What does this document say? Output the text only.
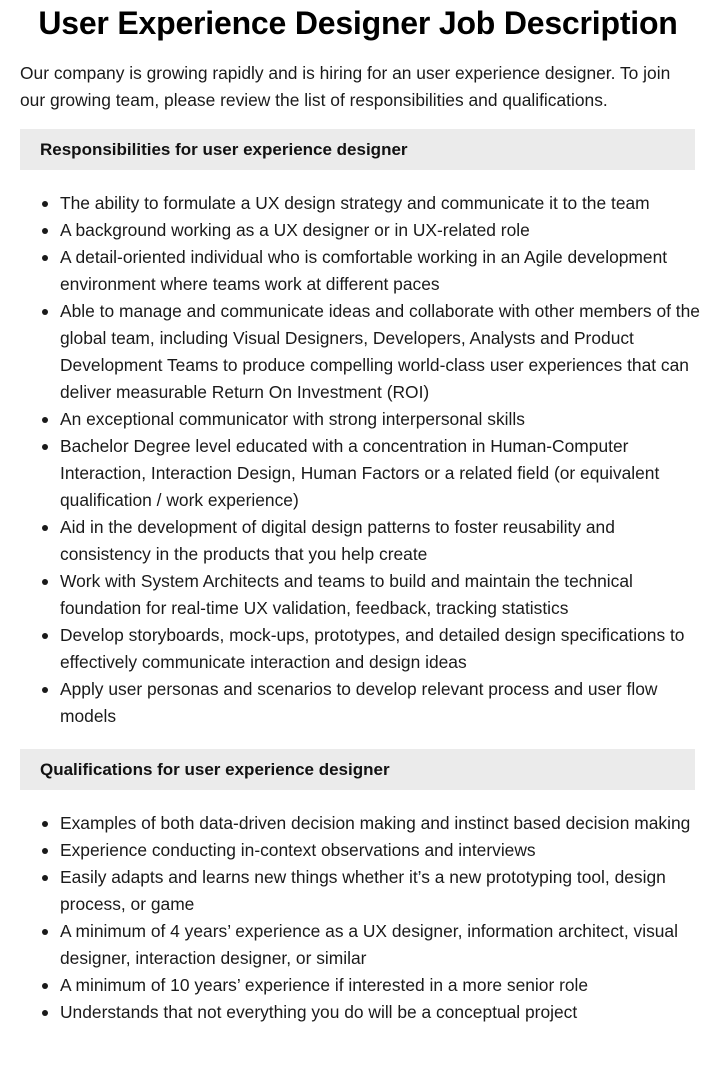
User Experience Designer Job Description

Our company is growing rapidly and is hiring for an user experience designer. To join our growing team, please review the list of responsibilities and qualifications.

Responsibilities for user experience designer
The ability to formulate a UX design strategy and communicate it to the team
A background working as a UX designer or in UX-related role
A detail-oriented individual who is comfortable working in an Agile development environment where teams work at different paces
Able to manage and communicate ideas and collaborate with other members of the global team, including Visual Designers, Developers, Analysts and Product Development Teams to produce compelling world-class user experiences that can deliver measurable Return On Investment (ROI)
An exceptional communicator with strong interpersonal skills
Bachelor Degree level educated with a concentration in Human-Computer Interaction, Interaction Design, Human Factors or a related field (or equivalent qualification / work experience)
Aid in the development of digital design patterns to foster reusability and consistency in the products that you help create
Work with System Architects and teams to build and maintain the technical foundation for real-time UX validation, feedback, tracking statistics
Develop storyboards, mock-ups, prototypes, and detailed design specifications to effectively communicate interaction and design ideas
Apply user personas and scenarios to develop relevant process and user flow models
Qualifications for user experience designer
Examples of both data-driven decision making and instinct based decision making
Experience conducting in-context observations and interviews
Easily adapts and learns new things whether it’s a new prototyping tool, design process, or game
A minimum of 4 years’ experience as a UX designer, information architect, visual designer, interaction designer, or similar
A minimum of 10 years’ experience if interested in a more senior role
Understands that not everything you do will be a conceptual project
